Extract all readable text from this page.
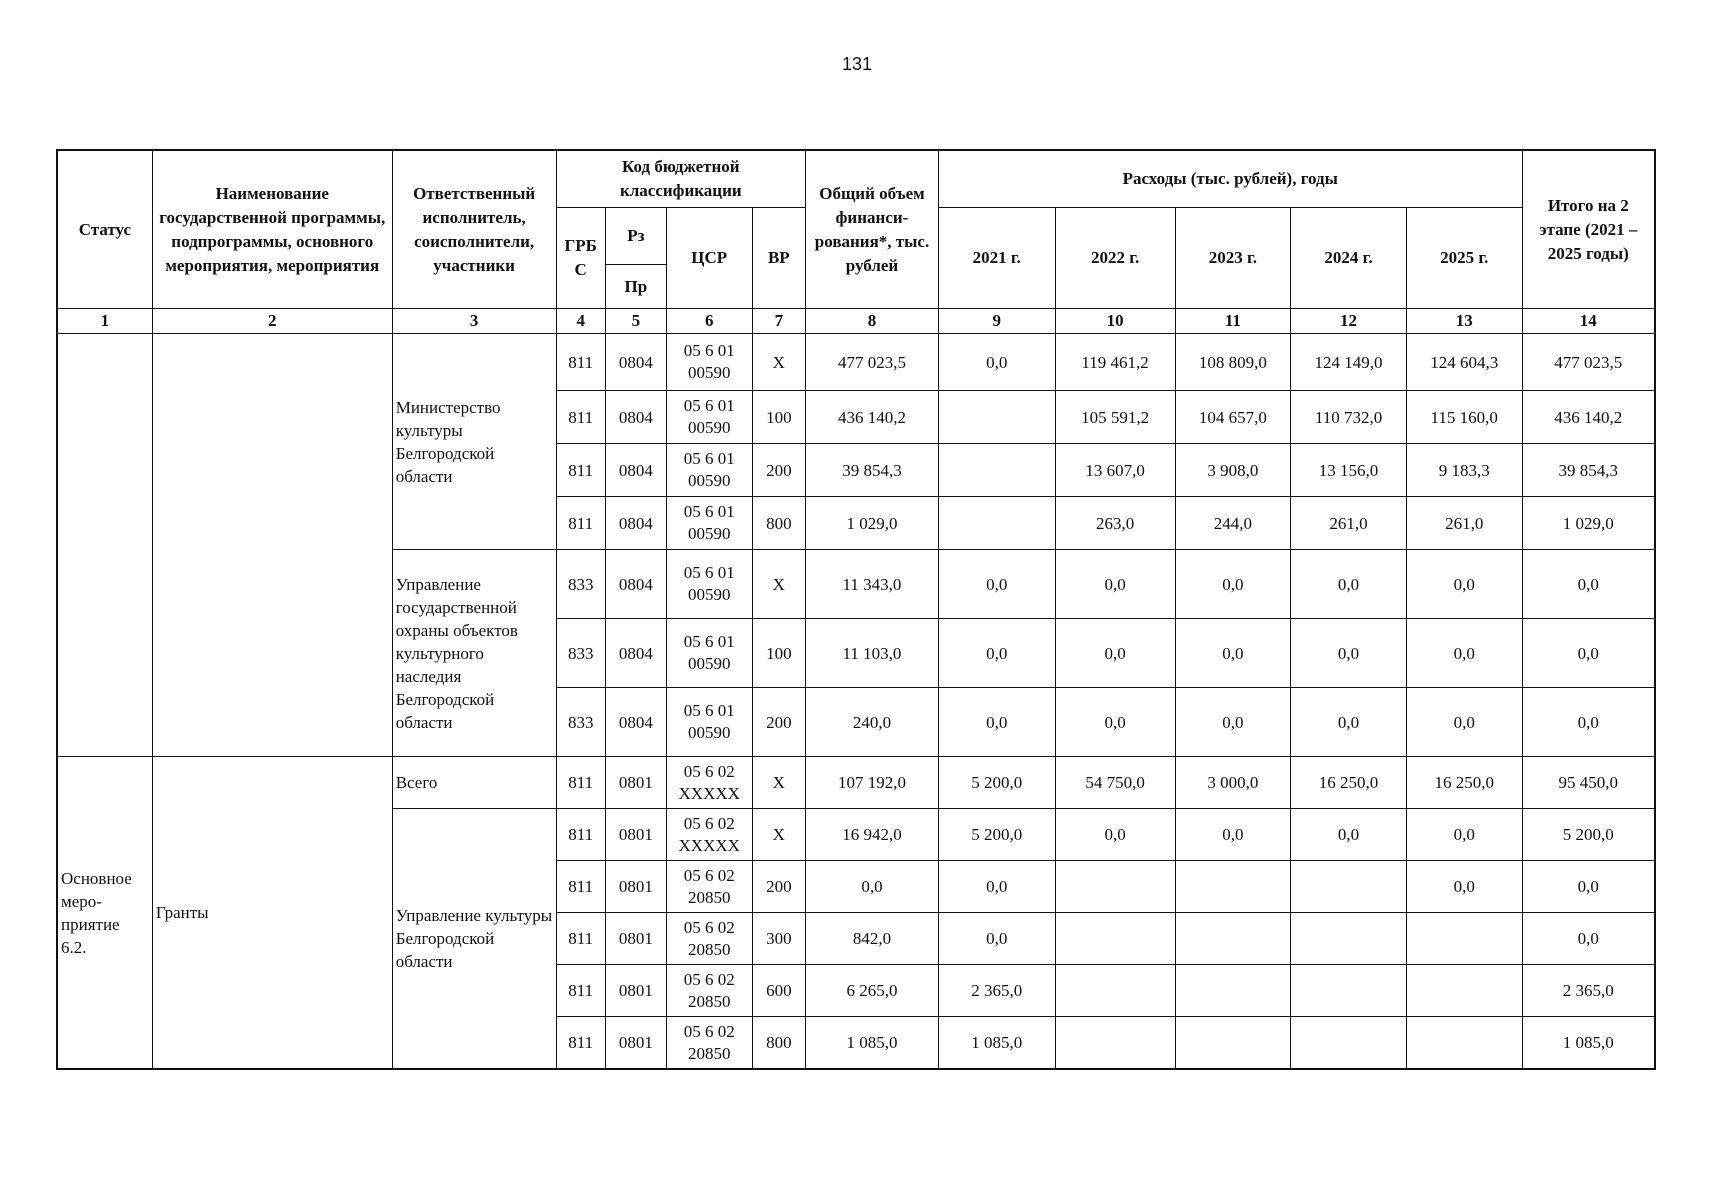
131
Статус	Наименование государственной программы, подпрограммы, основного мероприятия, мероприятия	Ответственный исполнитель, соисполнители, участники	Код бюджетной классификации				Общий объем финанси-рования*, тыс. рублей	Расходы (тыс. рублей), годы					Итого на 2 этапе (2021 – 2025 годы)
			ГРБС	Рз	ЦСР	ВР		2021 г.	2022 г.	2023 г.	2024 г.	2025 г.	
				Пр									
1	2	3	4	5	6	7	8	9	10	11	12	13	14
		Министерство культуры Белгородской области	811	0804	05 6 01 00590	Х	477 023,5	0,0	119 461,2	108 809,0	124 149,0	124 604,3	477 023,5
			811	0804	05 6 01 00590	100	436 140,2		105 591,2	104 657,0	110 732,0	115 160,0	436 140,2
			811	0804	05 6 01 00590	200	39 854,3		13 607,0	3 908,0	13 156,0	9 183,3	39 854,3
			811	0804	05 6 01 00590	800	1 029,0		263,0	244,0	261,0	261,0	1 029,0
		Управление государственной охраны объектов культурного наследия Белгородской области	833	0804	05 6 01 00590	Х	11 343,0	0,0	0,0	0,0	0,0	0,0	0,0
			833	0804	05 6 01 00590	100	11 103,0	0,0	0,0	0,0	0,0	0,0	0,0
			833	0804	05 6 01 00590	200	240,0	0,0	0,0	0,0	0,0	0,0	0,0
Основное меро-приятие 6.2.	Гранты	Всего	811	0801	05 6 02 XXXXX	Х	107 192,0	5 200,0	54 750,0	3 000,0	16 250,0	16 250,0	95 450,0
		Управление культуры Белгородской области	811	0801	05 6 02 XXXXX	Х	16 942,0	5 200,0	0,0	0,0	0,0	0,0	5 200,0
			811	0801	05 6 02 20850	200	0,0	0,0				0,0	0,0
			811	0801	05 6 02 20850	300	842,0	0,0					0,0
			811	0801	05 6 02 20850	600	6 265,0	2 365,0					2 365,0
			811	0801	05 6 02 20850	800	1 085,0	1 085,0					1 085,0
